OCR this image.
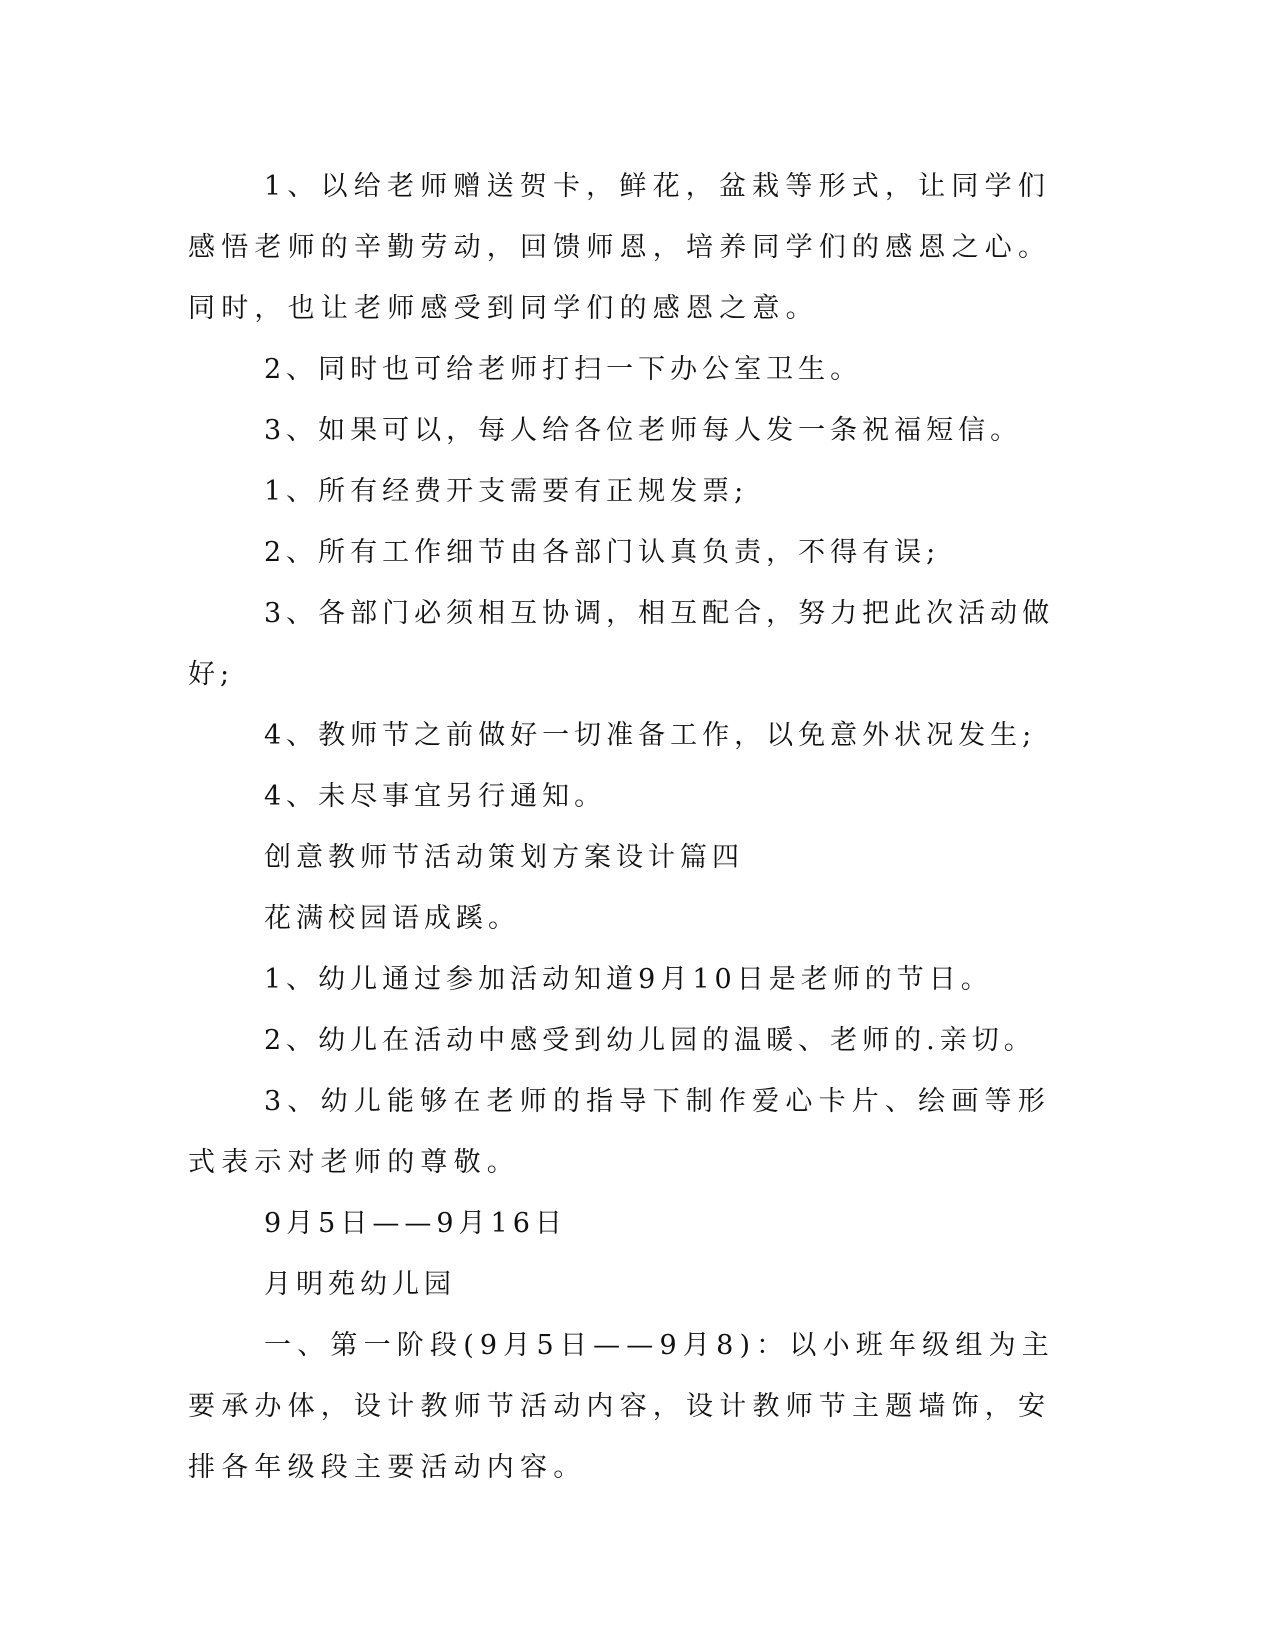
1、以给老师赠送贺卡，鲜花，盆栽等形式，让同学们感悟老师的辛勤劳动，回馈师恩，培养同学们的感恩之心。同时，也让老师感受到同学们的感恩之意。

2、同时也可给老师打扫一下办公室卫生。

3、如果可以，每人给各位老师每人发一条祝福短信。

1、所有经费开支需要有正规发票;

2、所有工作细节由各部门认真负责，不得有误;

3、各部门必须相互协调，相互配合，努力把此次活动做好;

4、教师节之前做好一切准备工作，以免意外状况发生;

4、未尽事宜另行通知。

创意教师节活动策划方案设计篇四

花满校园语成蹊。

1、幼儿通过参加活动知道9月10日是老师的节日。

2、幼儿在活动中感受到幼儿园的温暖、老师的.亲切。

3、幼儿能够在老师的指导下制作爱心卡片、绘画等形式表示对老师的尊敬。

9月5日——9月16日

月明苑幼儿园

一、第一阶段(9月5日——9月8)：以小班年级组为主要承办体，设计教师节活动内容，设计教师节主题墙饰，安排各年级段主要活动内容。
